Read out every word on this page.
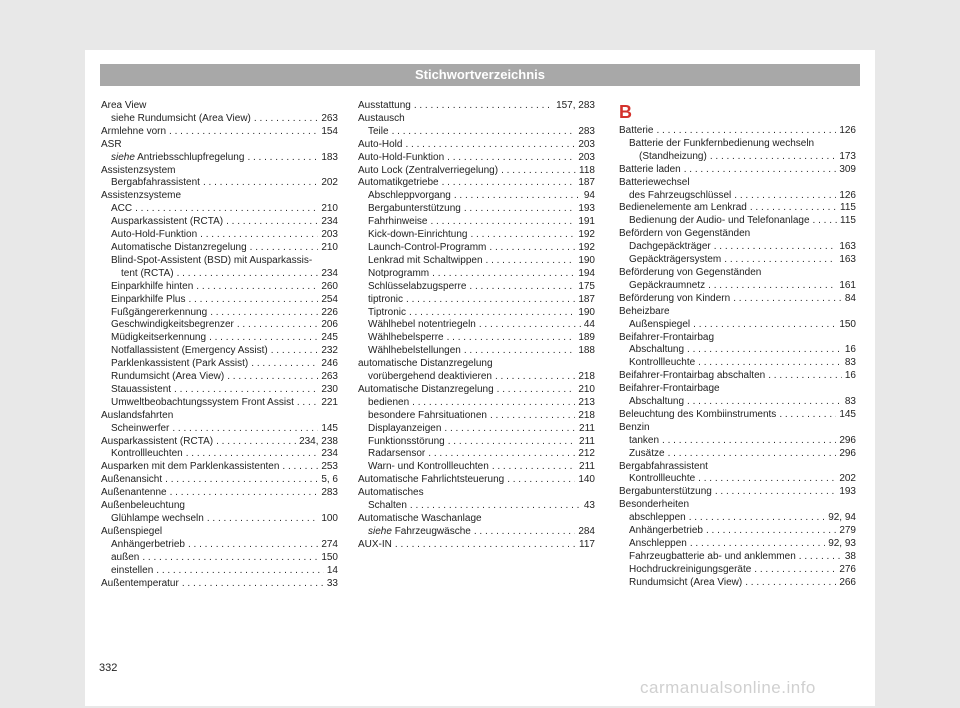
Stichwortverzeichnis
Area View
siehe Rundumsicht (Area View) . . .	263
Armlehne vorn . . .	154
ASR
siehe Antriebsschlupfregelung . . .	183
Assistenzsystem
Bergabfahrassistent . . .	202
Assistenzsysteme
ACC . . .	210
Ausparkassistent (RCTA) . . .	234
Auto-Hold-Funktion . . .	203
Automatische Distanzregelung . . .	210
Blind-Spot-Assistent (BSD) mit Ausparkassis-
tent (RCTA) . . .	234
Einparkhilfe hinten . . .	260
Einparkhilfe Plus . . .	254
Fußgängererkennung . . .	226
Geschwindigkeitsbegrenzer . . .	206
Müdigkeitserkennung . . .	245
Notfallassistent (Emergency Assist) . . .	232
Parklenkassistent (Park Assist) . . .	246
Rundumsicht (Area View) . . .	263
Stauassistent . . .	230
Umweltbeobachtungssystem Front Assist . . .	221
Auslandsfahrten
Scheinwerfer . . .	145
Ausparkassistent (RCTA) . . .	234, 238
Kontrollleuchten . . .	234
Ausparken mit dem Parklenkassistenten . . .	253
Außenansicht . . .	5, 6
Außenantenne . . .	283
Außenbeleuchtung
Glühlampe wechseln . . .	100
Außenspiegel
Anhängerbetrieb . . .	274
außen . . .	150
einstellen . . .	14
Außentemperatur . . .	33
Ausstattung . . .	157, 283
Austausch
Teile . . .	283
Auto-Hold . . .	203
Auto-Hold-Funktion . . .	203
Auto Lock (Zentralverriegelung) . . .	118
Automatikgetriebe . . .	187
Abschleppvorgang . . .	94
Bergabunterstützung . . .	193
Fahrhinweise . . .	191
Kick-down-Einrichtung . . .	192
Launch-Control-Programm . . .	192
Lenkrad mit Schaltwippen . . .	190
Notprogramm . . .	194
Schlüsselabzugsperre . . .	175
tiptronic . . .	187
Tiptronic . . .	190
Wählhebel notentriegeln . . .	44
Wählhebelsperre . . .	189
Wählhebelstellungen . . .	188
automatische Distanzregelung
vorübergehend deaktivieren . . .	218
Automatische Distanzregelung . . .	210
bedienen . . .	213
besondere Fahrsituationen . . .	218
Displayanzeigen . . .	211
Funktionsstörung . . .	211
Radarsensor . . .	212
Warn- und Kontrollleuchten . . .	211
Automatische Fahrlichtsteuerung . . .	140
Automatisches
Schalten . . .	43
Automatische Waschanlage
siehe Fahrzeugwäsche . . .	284
AUX-IN . . .	117
B
Batterie . . .	126
Batterie der Funkfernbedienung wechseln
(Standheizung) . . .	173
Batterie laden . . .	309
Batteriewechsel
des Fahrzeugschlüssel . . .	126
Bedienelemente am Lenkrad . . .	115
Bedienung der Audio- und Telefonanlage . . .	115
Befördern von Gegenständen
Dachgepäckträger . . .	163
Gepäckträgersystem . . .	163
Beförderung von Gegenständen
Gepäckraumnetz . . .	161
Beförderung von Kindern . . .	84
Beheizbare
Außenspiegel . . .	150
Beifahrer-Frontairbag
Abschaltung . . .	16
Kontrollleuchte . . .	83
Beifahrer-Frontairbag abschalten . . .	16
Beifahrer-Frontairbage
Abschaltung . . .	83
Beleuchtung des Kombiinstruments . . .	145
Benzin
tanken . . .	296
Zusätze . . .	296
Bergabfahrassistent
Kontrollleuchte . . .	202
Bergabunterstützung . . .	193
Besonderheiten
abschleppen . . .	92, 94
Anhängerbetrieb . . .	279
Anschleppen . . .	92, 93
Fahrzeugbatterie ab- und anklemmen . . .	38
Hochdruckreinigungsgeräte . . .	276
Rundumsicht (Area View) . . .	266
332
carmanualsonline.info
